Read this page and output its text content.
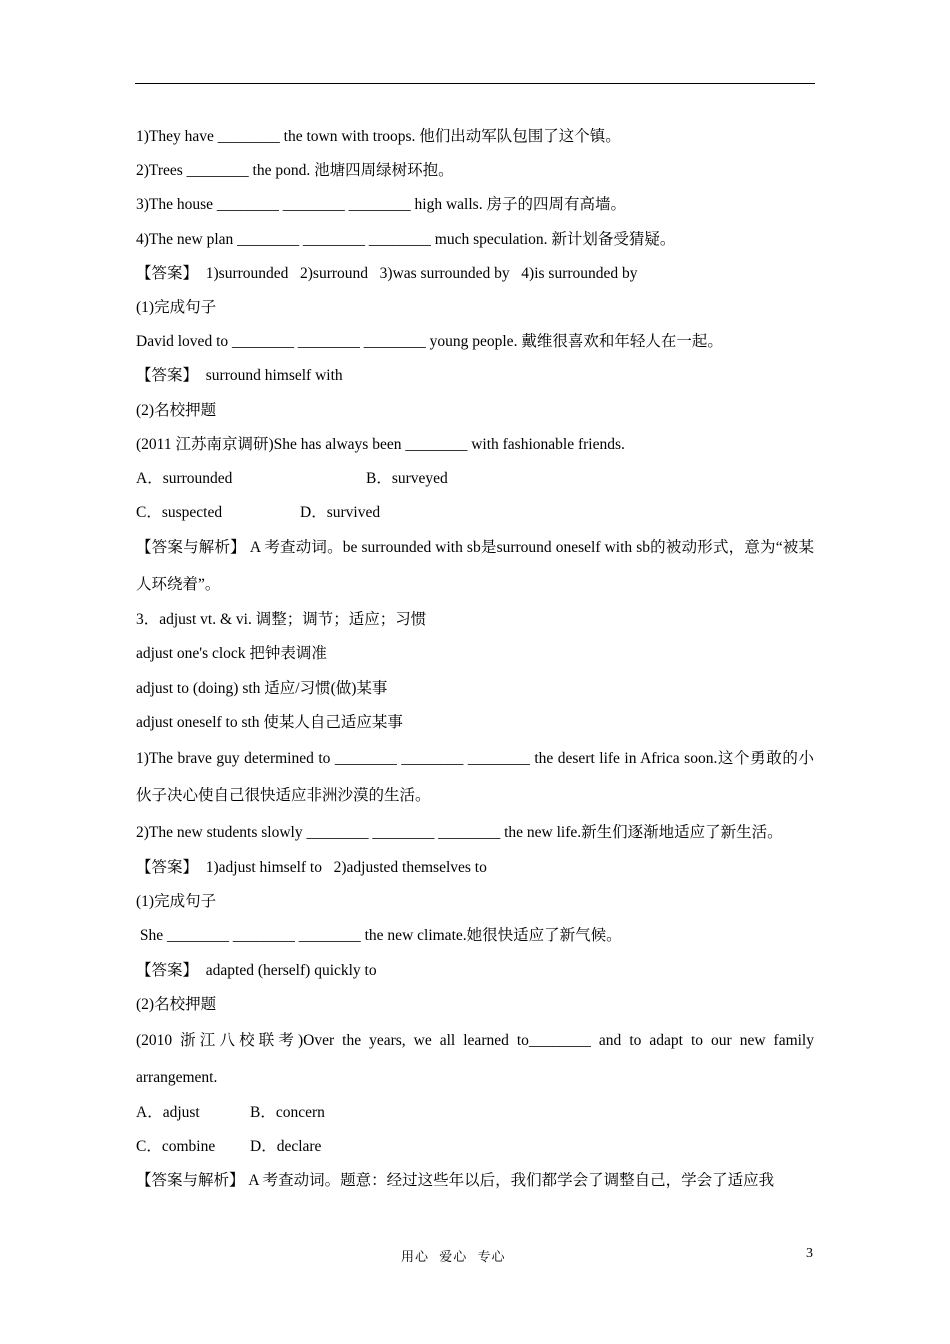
1)They have ________ the town with troops. 他们出动军队包围了这个镇。
2)Trees ________ the pond. 池塘四周绿树环抱。
3)The house ________ ________ ________ high walls. 房子的四周有高墙。
4)The new plan ________ ________ ________ much speculation. 新计划备受猜疑。
【答案】  1)surrounded   2)surround   3)was surrounded by   4)is surrounded by
(1)完成句子
David loved to ________ ________ ________ young people. 戴维很喜欢和年轻人在一起。
【答案】  surround himself with
(2)名校押题
(2011 江苏南京调研)She has always been ________ with fashionable friends.
A．surrounded	B．surveyed
C．suspected	D．survived
【答案与解析】 A 考查动词。be surrounded with sb是surround oneself with sb的被动形式，意为“被某人环绕着”。
3．adjust vt. & vi. 调整；调节；适应；习惯
adjust one's clock 把钟表调准
adjust to (doing) sth 适应/习惯(做)某事
adjust oneself to sth 使某人自己适应某事
1)The brave guy determined to ________ ________ ________ the desert life in Africa soon.这个勇敢的小伙子决心使自己很快适应非洲沙漠的生活。
2)The new students slowly ________ ________ ________ the new life.新生们逐渐地适应了新生活。
【答案】  1)adjust himself to   2)adjusted themselves to
(1)完成句子
She ________ ________ ________ the new climate.她很快适应了新气候。
【答案】  adapted (herself) quickly to
(2)名校押题
(2010 浙江八校联考)Over the years, we all learned to________ and to adapt to our new family arrangement.
A．adjust	B．concern
C．combine D．declare
【答案与解析】 A 考查动词。题意：经过这些年以后，我们都学会了调整自己，学会了适应我
用心  爱心  专心	3
